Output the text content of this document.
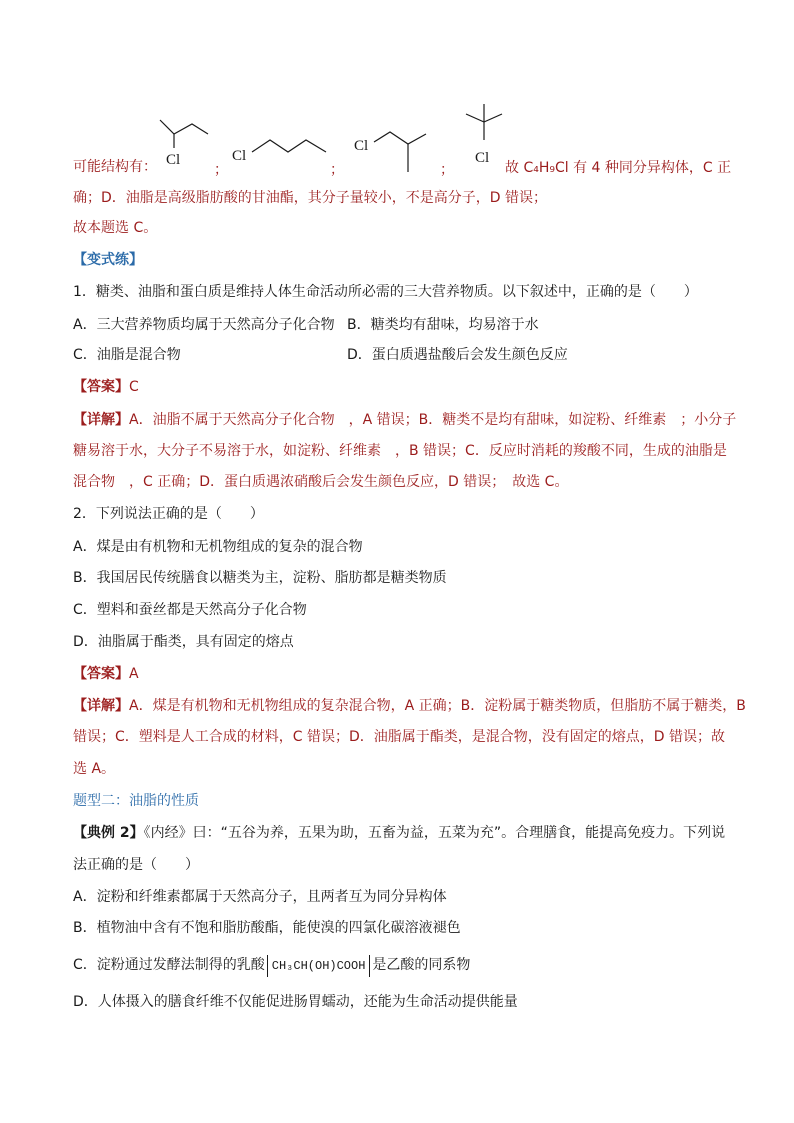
Cl	Cl
Cl
Cl
可能结构有：	；	；	；	故 C₄H₉Cl 有 4 种同分异构体，C 正
确；D．油脂是高级脂肪酸的甘油酯，其分子量较小，不是高分子，D 错误；
故本题选 C。
【变式练】
1．糖类、油脂和蛋白质是维持人体生命活动所必需的三大营养物质。以下叙述中，正确的是（　　）
A．三大营养物质均属于天然高分子化合物 B．糖类均有甜味，均易溶于水
C．油脂是混合物	D．蛋白质遇盐酸后会发生颜色反应
【答案】C
【详解】A．油脂不属于天然高分子化合物　，A 错误；B．糖类不是均有甜味，如淀粉、纤维素　；小分子
糖易溶于水，大分子不易溶于水，如淀粉、纤维素　，B 错误；C．反应时消耗的羧酸不同，生成的油脂是
混合物　，C 正确；D．蛋白质遇浓硝酸后会发生颜色反应，D 错误；　故选 C。
2．下列说法正确的是（　　）
A．煤是由有机物和无机物组成的复杂的混合物
B．我国居民传统膳食以糖类为主，淀粉、脂肪都是糖类物质
C．塑料和蚕丝都是天然高分子化合物
D．油脂属于酯类，具有固定的熔点
【答案】A
【详解】A．煤是有机物和无机物组成的复杂混合物，A 正确；B．淀粉属于糖类物质，但脂肪不属于糖类，B
错误；C．塑料是人工合成的材料，C 错误；D．油脂属于酯类，是混合物，没有固定的熔点，D 错误；故
选 A。
题型二：油脂的性质
【典例 2】《内经》曰：“五谷为养，五果为助，五畜为益，五菜为充”。合理膳食，能提高免疫力。下列说
法正确的是（　　）
A．淀粉和纤维素都属于天然高分子，且两者互为同分异构体
B．植物油中含有不饱和脂肪酸酯，能使溴的四氯化碳溶液褪色
C．淀粉通过发酵法制得的乳酸 CH₃CH(OH)COOH 是乙酸的同系物
D．人体摄入的膳食纤维不仅能促进肠胃蠕动，还能为生命活动提供能量
